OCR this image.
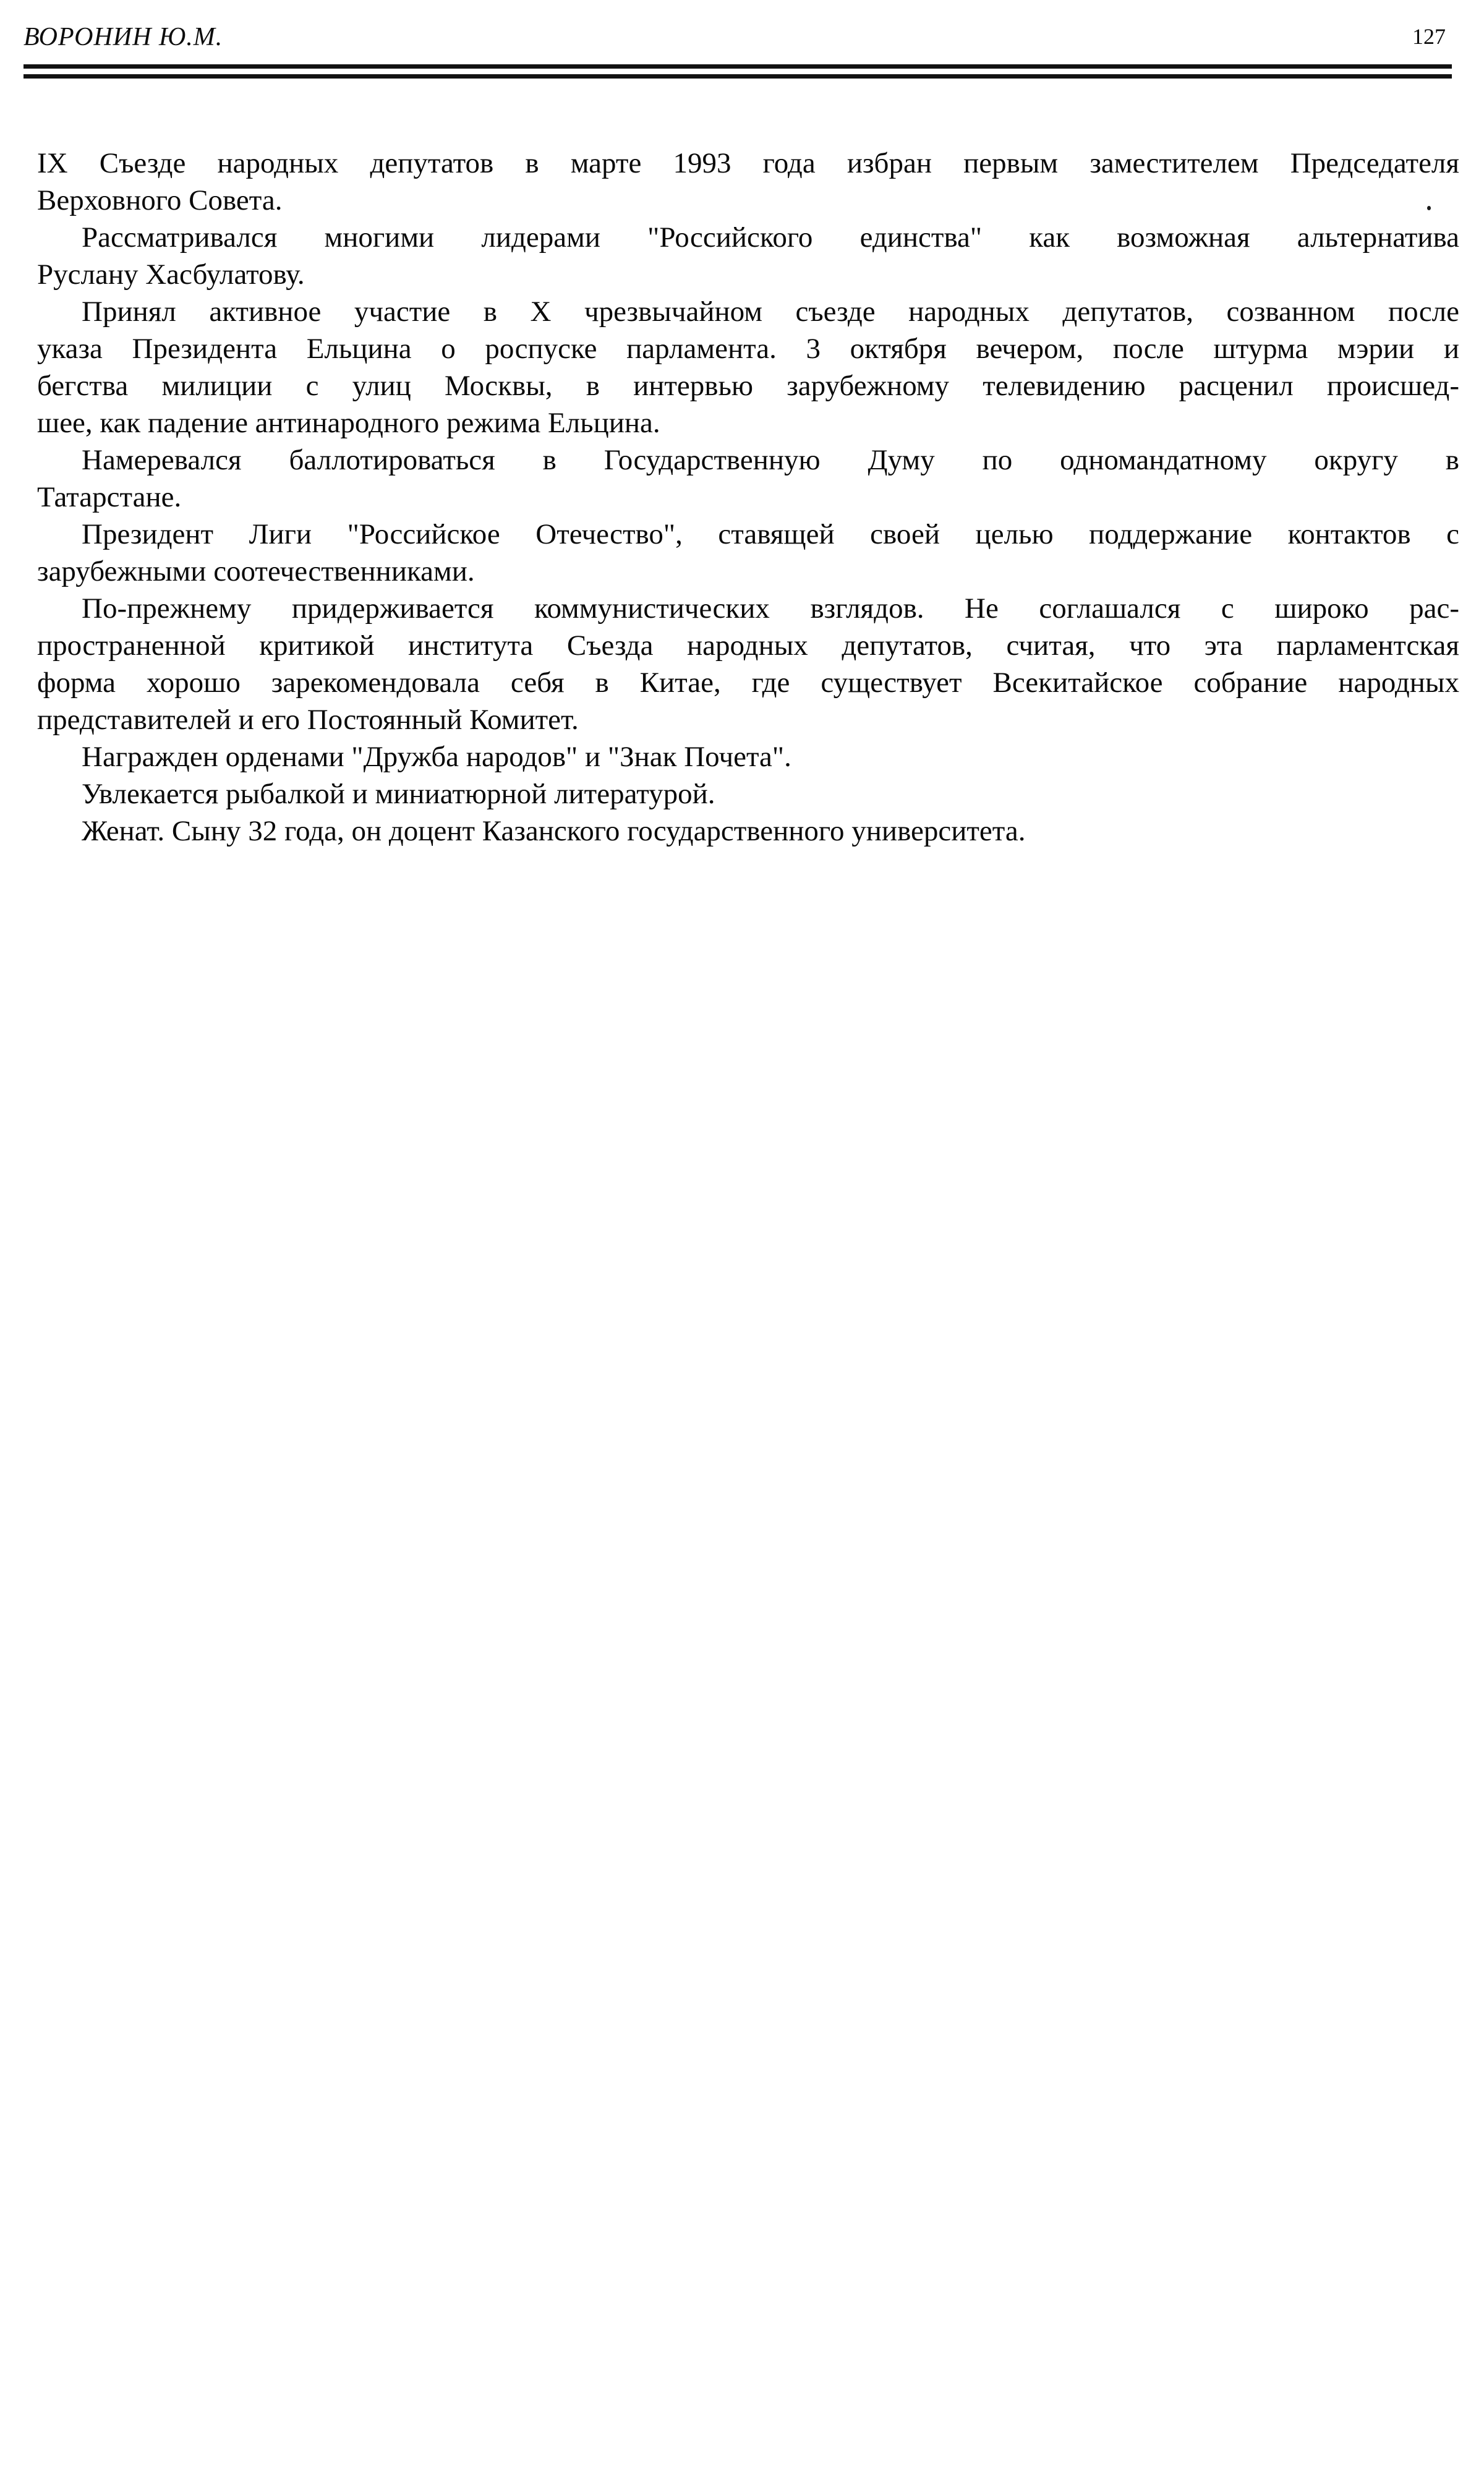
ВОРОНИН Ю.М.	127
IX Съезде народных депутатов в марте 1993 года избран первым заместителем Председателя
Верховного Совета.
Рассматривался многими лидерами "Российского единства" как возможная альтернатива
Руслану Хасбулатову.
Принял активное участие в X чрезвычайном съезде народных депутатов, созванном после
указа Президента Ельцина о роспуске парламента. 3 октября вечером, после штурма мэрии и
бегства милиции с улиц Москвы, в интервью зарубежному телевидению расценил происшед-
шее, как падение антинародного режима Ельцина.
Намеревался баллотироваться в Государственную Думу по одномандатному округу в
Татарстане.
Президент Лиги "Российское Отечество", ставящей своей целью поддержание контактов с
зарубежными соотечественниками.
По-прежнему придерживается коммунистических взглядов. Не соглашался с широко рас-
пространенной критикой института Съезда народных депутатов, считая, что эта парламентская
форма хорошо зарекомендовала себя в Китае, где существует Всекитайское собрание народных
представителей и его Постоянный Комитет.
Награжден орденами "Дружба народов" и "Знак Почета".
Увлекается рыбалкой и миниатюрной литературой.
Женат. Сыну 32 года, он доцент Казанского государственного университета.
